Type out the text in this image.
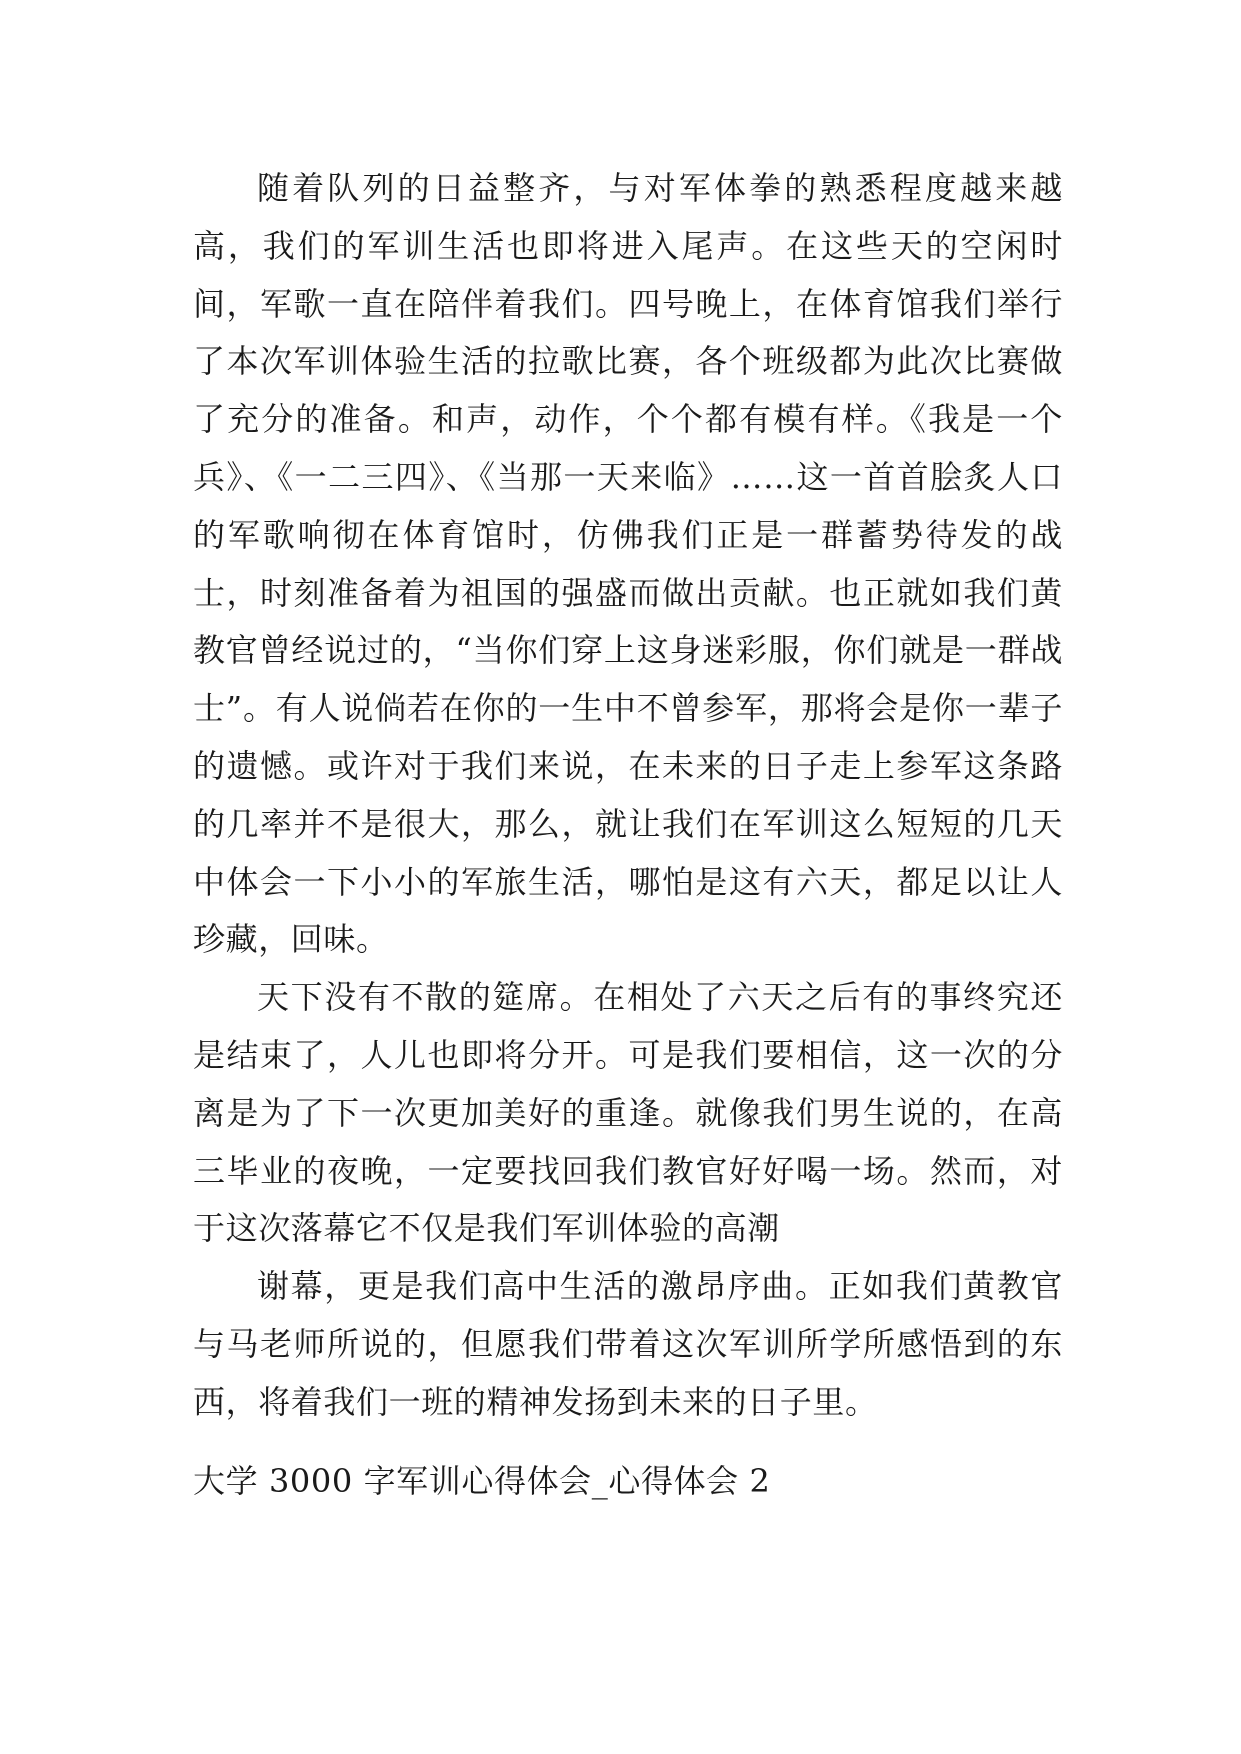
随着队列的日益整齐，与对军体拳的熟悉程度越来越高，我们的军训生活也即将进入尾声。在这些天的空闲时间，军歌一直在陪伴着我们。四号晚上，在体育馆我们举行了本次军训体验生活的拉歌比赛，各个班级都为此次比赛做了充分的准备。和声，动作，个个都有模有样。《我是一个兵》、《一二三四》、《当那一天来临》……这一首首脍炙人口的军歌响彻在体育馆时，仿佛我们正是一群蓄势待发的战士，时刻准备着为祖国的强盛而做出贡献。也正就如我们黄教官曾经说过的，“当你们穿上这身迷彩服，你们就是一群战士”。有人说倘若在你的一生中不曾参军，那将会是你一辈子的遗憾。或许对于我们来说，在未来的日子走上参军这条路的几率并不是很大，那么，就让我们在军训这么短短的几天中体会一下小小的军旅生活，哪怕是这有六天，都足以让人珍藏，回味。

天下没有不散的筵席。在相处了六天之后有的事终究还是结束了，人儿也即将分开。可是我们要相信，这一次的分离是为了下一次更加美好的重逢。就像我们男生说的，在高三毕业的夜晚，一定要找回我们教官好好喝一场。然而，对于这次落幕它不仅是我们军训体验的高潮

谢幕，更是我们高中生活的激昂序曲。正如我们黄教官与马老师所说的，但愿我们带着这次军训所学所感悟到的东西，将着我们一班的精神发扬到未来的日子里。

大学 3000 字军训心得体会_心得体会 2
